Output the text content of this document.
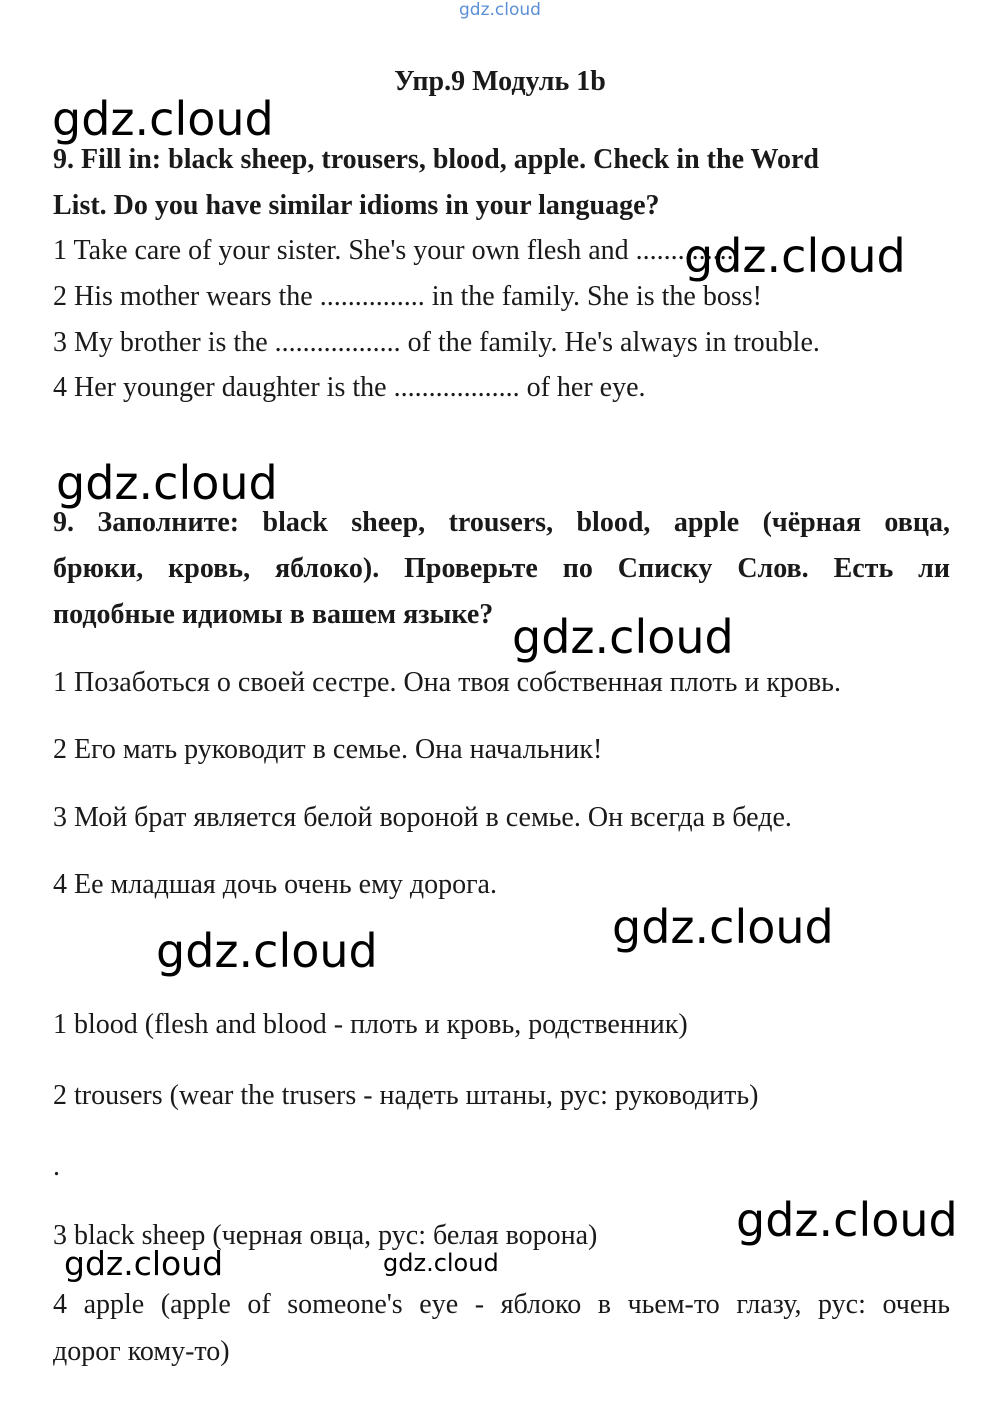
gdz.cloud
Упр.9 Модуль 1b
9. Fill in: black sheep, trousers, blood, apple. Check in the Word
List. Do you have similar idioms in your language?
1 Take care of your sister. She's your own flesh and ..............
2 His mother wears the ............... in the family. She is the boss!
3 My brother is the .................. of the family. He's always in trouble.
4 Her younger daughter is the .................. of her eye.
9. Заполните: black sheep, trousers, blood, apple (чёрная овца,
брюки, кровь, яблоко). Проверьте по Списку Слов. Есть ли
подобные идиомы в вашем языке?
1 Позаботься о своей сестре. Она твоя собственная плоть и кровь.
2 Его мать руководит в семье. Она начальник!
3 Мой брат является белой вороной в семье. Он всегда в беде.
4 Ее младшая дочь очень ему дорога.
1 blood (flesh and blood - плоть и кровь, родственник)
2 trousers (wear the trusers - надеть штаны, рус: руководить)
.
3 black sheep (черная овца, рус: белая ворона)
4 apple (apple of someone's eye - яблоко в чьем-то глазу, рус: очень
дорог кому-то)
gdz.cloud
gdz.cloud
gdz.cloud
gdz.cloud
gdz.cloud
gdz.cloud
gdz.cloud
gdz.cloud	gdz.cloud
